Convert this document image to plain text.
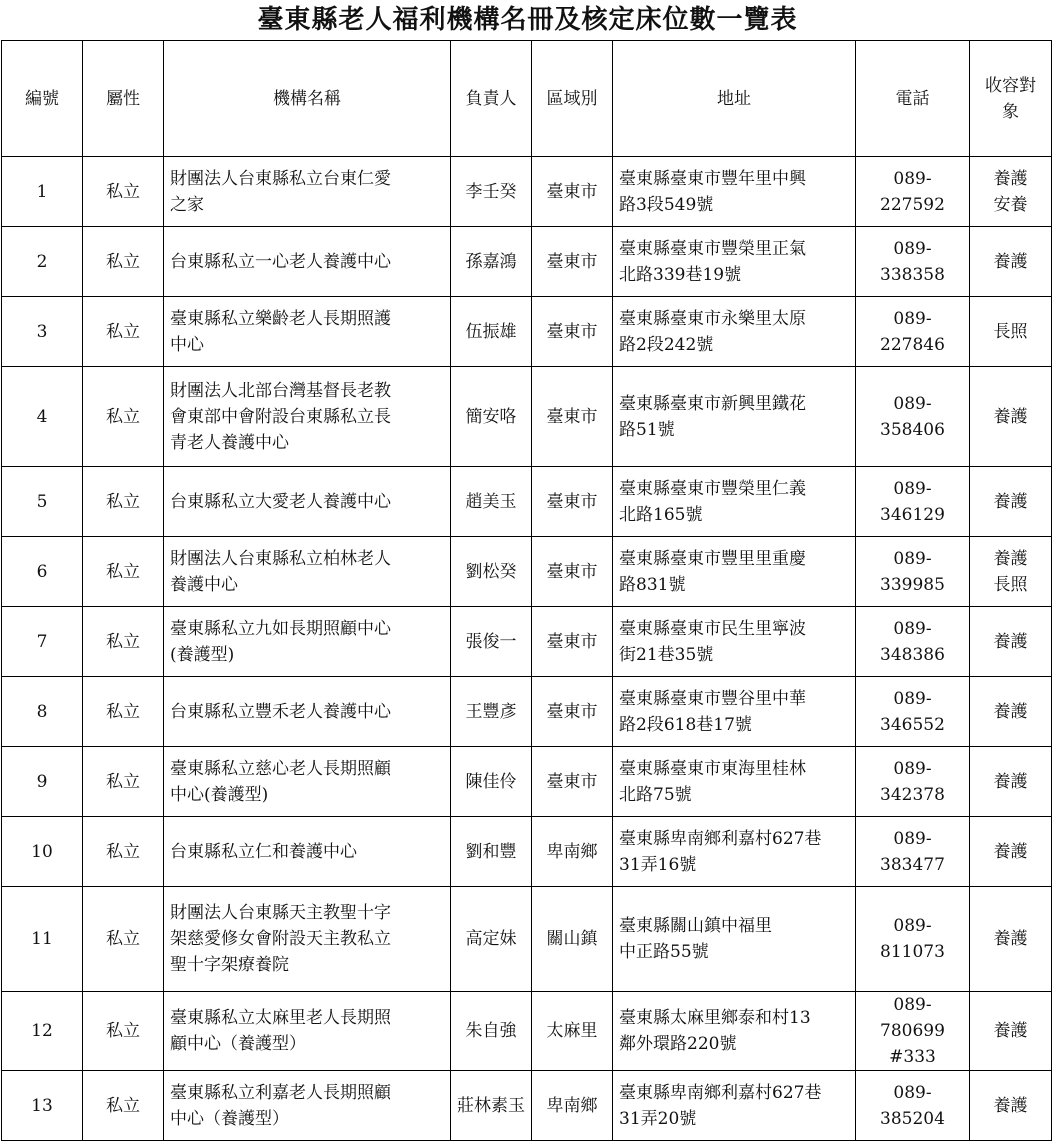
臺東縣老人福利機構名冊及核定床位數一覽表
編號	屬性	機構名稱	負責人	區域別	地址	電話	收容對
象
1	私立	財團法人台東縣私立台東仁愛
之家	李壬癸	臺東市	臺東縣臺東市豐年里中興
路3段549號	089-227592	養護
安養
2	私立	台東縣私立一心老人養護中心	孫嘉鴻	臺東市	臺東縣臺東市豐榮里正氣
北路339巷19號	089-338358	養護
3	私立	臺東縣私立樂齡老人長期照護
中心	伍振雄	臺東市	臺東縣臺東市永樂里太原
路2段242號	089-227846	長照
4	私立	財團法人北部台灣基督長老教
會東部中會附設台東縣私立長
青老人養護中心	簡安咯	臺東市	臺東縣臺東市新興里鐵花
路51號	089-358406	養護
5	私立	台東縣私立大愛老人養護中心	趙美玉	臺東市	臺東縣臺東市豐榮里仁義
北路165號	089-346129	養護
6	私立	財團法人台東縣私立柏林老人
養護中心	劉松癸	臺東市	臺東縣臺東市豐里里重慶
路831號	089-339985	養護
長照
7	私立	臺東縣私立九如長期照顧中心
(養護型)	張俊一	臺東市	臺東縣臺東市民生里寧波
街21巷35號	089-348386	養護
8	私立	台東縣私立豐禾老人養護中心	王豐彥	臺東市	臺東縣臺東市豐谷里中華
路2段618巷17號	089-346552	養護
9	私立	臺東縣私立慈心老人長期照顧
中心(養護型)	陳佳伶	臺東市	臺東縣臺東市東海里桂林
北路75號	089-342378	養護
10	私立	台東縣私立仁和養護中心	劉和豐	卑南鄉	臺東縣卑南鄉利嘉村627巷
31弄16號	089-383477	養護
11	私立	財團法人台東縣天主教聖十字
架慈愛修女會附設天主教私立
聖十字架療養院	高定妹	關山鎮	臺東縣關山鎮中福里
中正路55號	089-811073	養護
12	私立	臺東縣私立太麻里老人長期照
顧中心（養護型）	朱自強	太麻里	臺東縣太麻里鄉泰和村13
鄰外環路220號	089-780699
#333	養護
13	私立	臺東縣私立利嘉老人長期照顧
中心（養護型）	莊林素玉	卑南鄉	臺東縣卑南鄉利嘉村627巷
31弄20號	089-385204	養護
